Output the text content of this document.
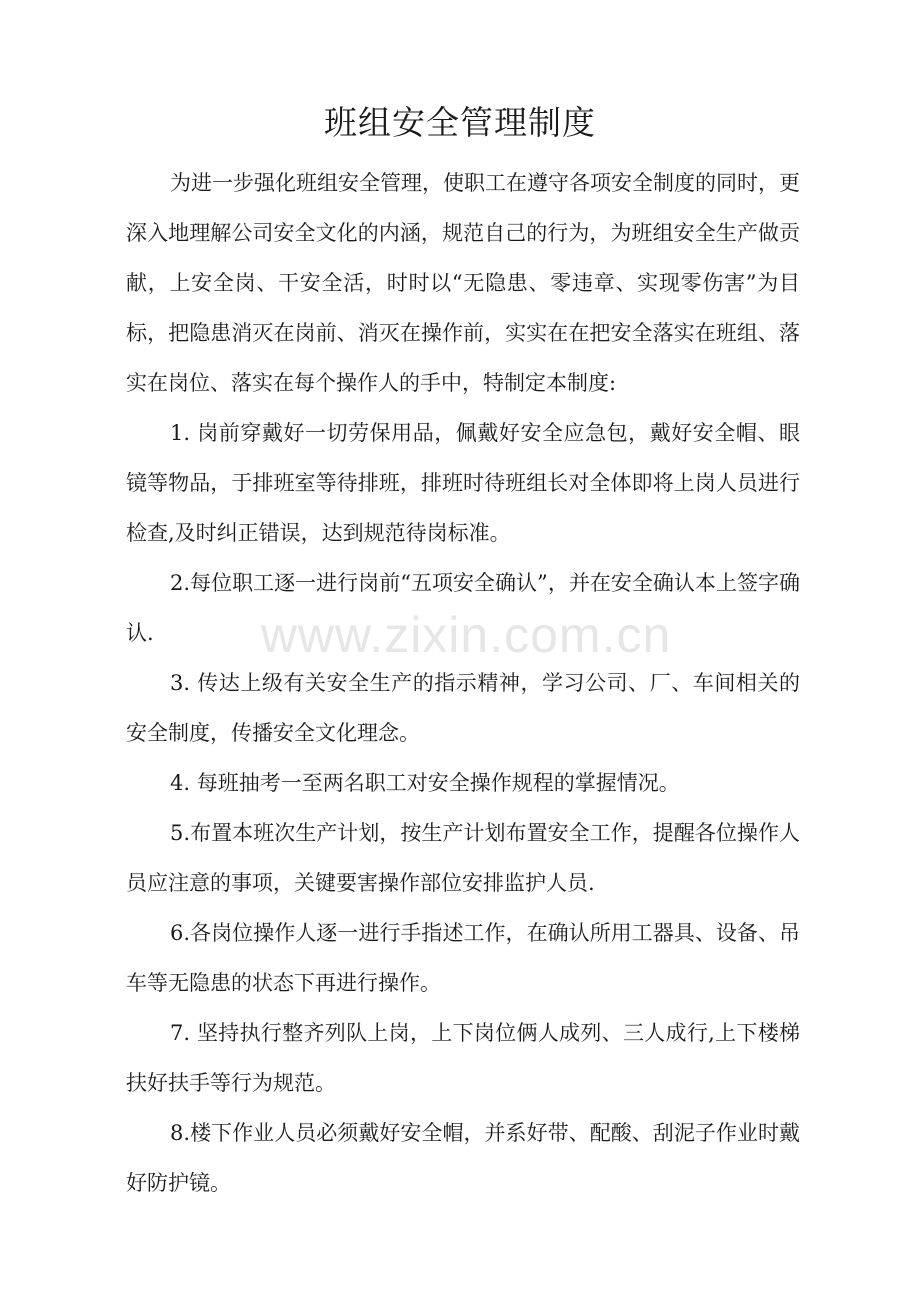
班组安全管理制度

为进一步强化班组安全管理，使职工在遵守各项安全制度的同时，更深入地理解公司安全文化的内涵，规范自己的行为，为班组安全生产做贡献，上安全岗、干安全活，时时以“无隐患、零违章、实现零伤害”为目标，把隐患消灭在岗前、消灭在操作前，实实在在把安全落实在班组、落实在岗位、落实在每个操作人的手中，特制定本制度:

1. 岗前穿戴好一切劳保用品，佩戴好安全应急包，戴好安全帽、眼镜等物品，于排班室等待排班，排班时待班组长对全体即将上岗人员进行检查,及时纠正错误，达到规范待岗标准。

2.每位职工逐一进行岗前“五项安全确认”，并在安全确认本上签字确认.

3. 传达上级有关安全生产的指示精神，学习公司、厂、车间相关的安全制度，传播安全文化理念。

4. 每班抽考一至两名职工对安全操作规程的掌握情况。

5.布置本班次生产计划，按生产计划布置安全工作，提醒各位操作人员应注意的事项，关键要害操作部位安排监护人员.

6.各岗位操作人逐一进行手指述工作，在确认所用工器具、设备、吊车等无隐患的状态下再进行操作。

7. 坚持执行整齐列队上岗，上下岗位俩人成列、三人成行,上下楼梯扶好扶手等行为规范。

8.楼下作业人员必须戴好安全帽，并系好带、配酸、刮泥子作业时戴好防护镜。

www.zixin.com.cn
